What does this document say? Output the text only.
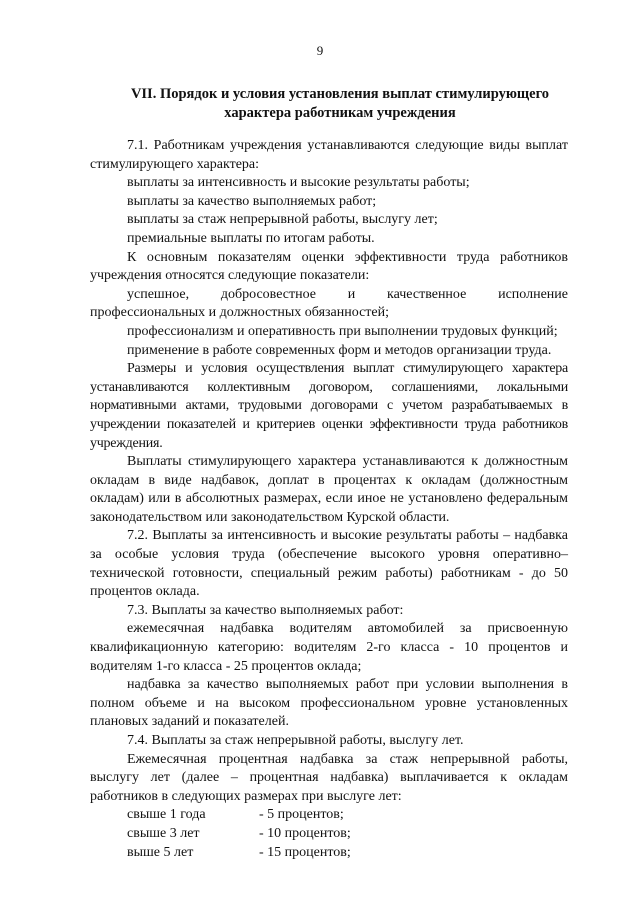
9
VII. Порядок и условия установления выплат стимулирующего
характера работникам учреждения

7.1. Работникам учреждения устанавливаются следующие виды выплат стимулирующего характера:

выплаты за интенсивность и высокие результаты работы;

выплаты за качество выполняемых работ;

выплаты за стаж непрерывной работы, выслугу лет;

премиальные выплаты по итогам работы.

К основным показателям оценки эффективности труда работников учреждения относятся следующие показатели:

успешное, добросовестное и качественное исполнение профессиональных и должностных обязанностей;

профессионализм и оперативность при выполнении трудовых функций;

применение в работе современных форм и методов организации труда.

Размеры и условия осуществления выплат стимулирующего характера устанавливаются коллективным договором, соглашениями, локальными нормативными актами, трудовыми договорами с учетом разрабатываемых в учреждении показателей и критериев оценки эффективности труда работников учреждения.

Выплаты стимулирующего характера устанавливаются к должностным окладам в виде надбавок, доплат в процентах к окладам (должностным окладам) или в абсолютных размерах, если иное не установлено федеральным законодательством или законодательством Курской области.

7.2. Выплаты за интенсивность и высокие результаты работы – надбавка за особые условия труда (обеспечение высокого уровня оперативно–технической готовности, специальный режим работы) работникам - до 50 процентов оклада.

7.3. Выплаты за качество выполняемых работ:

ежемесячная надбавка водителям автомобилей за присвоенную квалификационную категорию: водителям 2-го класса - 10 процентов и водителям 1-го класса - 25 процентов оклада;

надбавка за качество выполняемых работ при условии выполнения в полном объеме и на высоком профессиональном уровне установленных плановых заданий и показателей.

7.4. Выплаты за стаж непрерывной работы, выслугу лет.

Ежемесячная процентная надбавка за стаж непрерывной работы, выслугу лет (далее – процентная надбавка) выплачивается к окладам работников в следующих размерах при выслуге лет:

свыше 1 года	- 5 процентов;
свыше 3 лет	- 10 процентов;
выше 5 лет	- 15 процентов;
